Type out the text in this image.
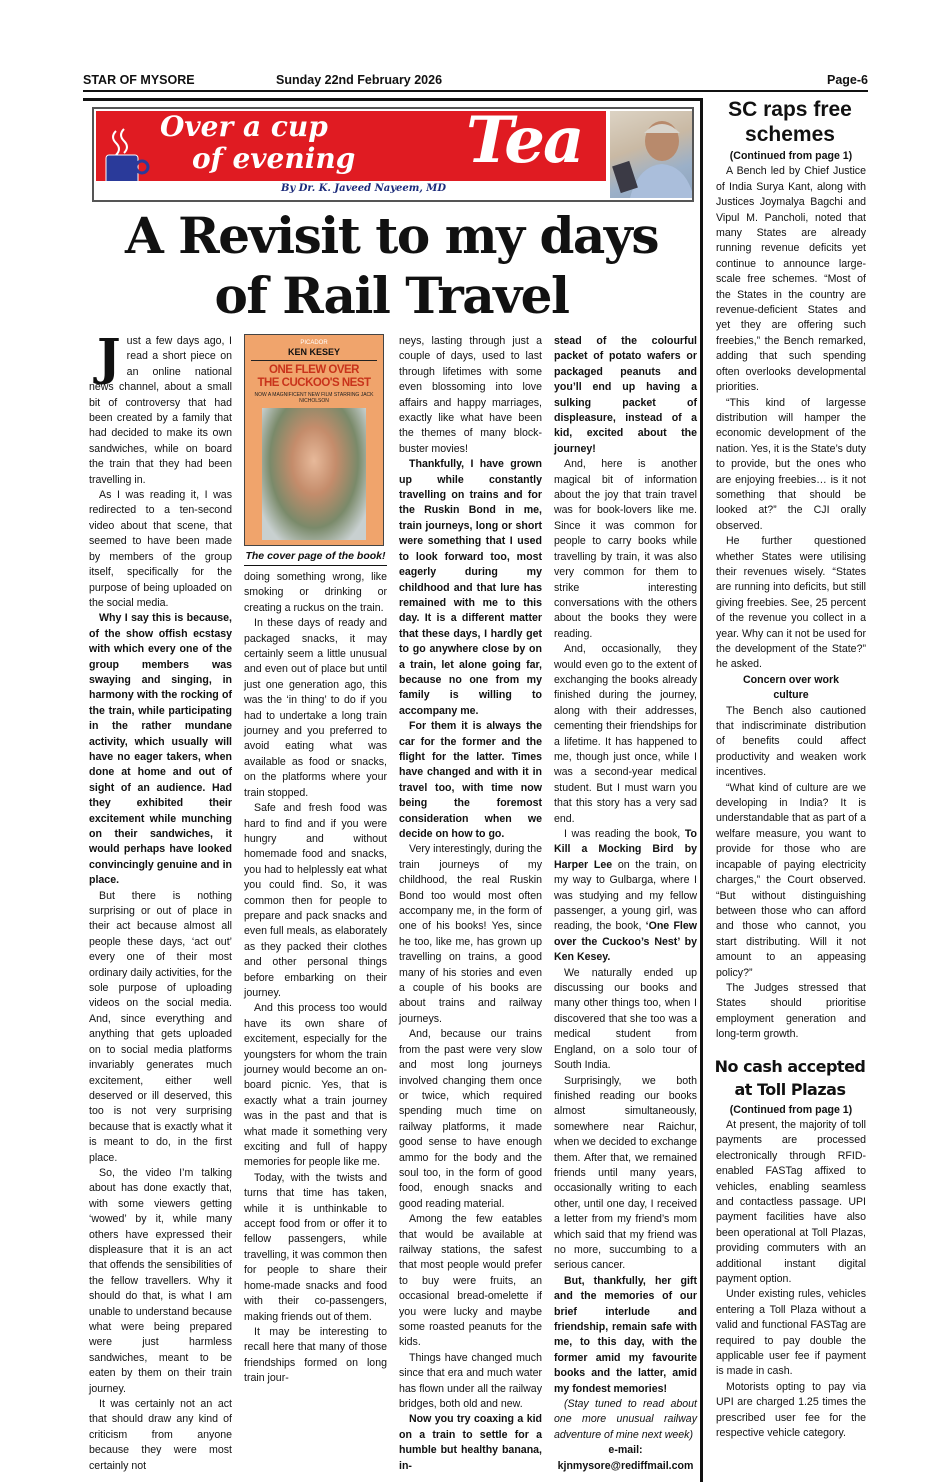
STAR OF MYSORE	Sunday 22nd February 2026	Page-6
Over a cup
of evening Tea
By Dr. K. Javeed Nayeem, MD
A Revisit to my days
of Rail Travel

Just a few days ago, I read a short piece on an online national news channel, about a small bit of controversy that had been created by a family that had decided to make its own sandwiches, while on board the train that they had been travelling in.

As I was reading it, I was redirected to a ten-second video about that scene, that seemed to have been made by members of the group itself, specifically for the purpose of being uploaded on the social media.

Why I say this is because, of the show offish ecstasy with which every one of the group members was swaying and singing, in harmony with the rocking of the train, while participating in the rather mundane activity, which usually will have no eager takers, when done at home and out of sight of an audience. Had they exhibited their excitement while munching on their sandwiches, it would perhaps have looked convincingly genuine and in place.

But there is nothing surprising or out of place in their act because almost all people these days, ‘act out’ every one of their most ordinary daily activities, for the sole purpose of uploading videos on the social media. And, since everything and anything that gets uploaded on to social media platforms invariably generates much excitement, either well deserved or ill deserved, this too is not very surprising because that is exactly what it is meant to do, in the first place.

So, the video I’m talking about has done exactly that, with some viewers getting ‘wowed’ by it, while many others have expressed their displeasure that it is an act that offends the sensibilities of the fellow travellers. Why it should do that, is what I am unable to understand because what were being prepared were just harmless sandwiches, meant to be eaten by them on their train journey.

It was certainly not an act that should draw any kind of criticism from anyone because they were most certainly not

PICADOR
KEN KESEY
ONE FLEW OVER
THE CUCKOO'S NEST
NOW A MAGNIFICENT NEW FILM STARRING JACK NICHOLSON
The cover page of the book!

doing something wrong, like smoking or drinking or creating a ruckus on the train.

In these days of ready and packaged snacks, it may certainly seem a little unusual and even out of place but until just one generation ago, this was the ‘in thing’ to do if you had to undertake a long train journey and you preferred to avoid eating what was available as food or snacks, on the platforms where your train stopped.

Safe and fresh food was hard to find and if you were hungry and without homemade food and snacks, you had to helplessly eat what you could find. So, it was common then for people to prepare and pack snacks and even full meals, as elaborately as they packed their clothes and other personal things before embarking on their journey.

And this process too would have its own share of excitement, especially for the youngsters for whom the train journey would become an on-board picnic. Yes, that is exactly what a train journey was in the past and that is what made it something very exciting and full of happy memories for people like me.

Today, with the twists and turns that time has taken, while it is unthinkable to accept food from or offer it to fellow passengers, while travelling, it was common then for people to share their home-made snacks and food with their co-passengers, making friends out of them.

It may be interesting to recall here that many of those friendships formed on long train jour-

neys, lasting through just a couple of days, used to last through lifetimes with some even blossoming into love affairs and happy marriages, exactly like what have been the themes of many block-buster movies!

Thankfully, I have grown up while constantly travelling on trains and for the Ruskin Bond in me, train journeys, long or short were something that I used to look forward too, most eagerly during my childhood and that lure has remained with me to this day. It is a different matter that these days, I hardly get to go anywhere close by on a train, let alone going far, because no one from my family is willing to accompany me.

For them it is always the car for the former and the flight for the latter. Times have changed and with it in travel too, with time now being the foremost consideration when we decide on how to go.

Very interestingly, during the train journeys of my childhood, the real Ruskin Bond too would most often accompany me, in the form of one of his books! Yes, since he too, like me, has grown up travelling on trains, a good many of his stories and even a couple of his books are about trains and railway journeys.

And, because our trains from the past were very slow and most long journeys involved changing them once or twice, which required spending much time on railway platforms, it made good sense to have enough ammo for the body and the soul too, in the form of good food, enough snacks and good reading material.

Among the few eatables that would be available at railway stations, the safest that most people would prefer to buy were fruits, an occasional bread-omelette if you were lucky and maybe some roasted peanuts for the kids.

Things have changed much since that era and much water has flown under all the railway bridges, both old and new.

Now you try coaxing a kid on a train to settle for a humble but healthy banana, in-

stead of the colourful packet of potato wafers or packaged peanuts and you’ll end up having a sulking packet of displeasure, instead of a kid, excited about the journey!

And, here is another magical bit of information about the joy that train travel was for book-lovers like me. Since it was common for people to carry books while travelling by train, it was also very common for them to strike interesting conversations with the others about the books they were reading.

And, occasionally, they would even go to the extent of exchanging the books already finished during the journey, along with their addresses, cementing their friendships for a lifetime. It has happened to me, though just once, while I was a second-year medical student. But I must warn you that this story has a very sad end.

I was reading the book, To Kill a Mocking Bird by Harper Lee on the train, on my way to Gulbarga, where I was studying and my fellow passenger, a young girl, was reading, the book, ‘One Flew over the Cuckoo’s Nest’ by Ken Kesey.

We naturally ended up discussing our books and many other things too, when I discovered that she too was a medical student from England, on a solo tour of South India.

Surprisingly, we both finished reading our books almost simultaneously, somewhere near Raichur, when we decided to exchange them. After that, we remained friends until many years, occasionally writing to each other, until one day, I received a letter from my friend’s mom which said that my friend was no more, succumbing to a serious cancer.

But, thankfully, her gift and the memories of our brief interlude and friendship, remain safe with me, to this day, with the former amid my favourite books and the latter, amid my fondest memories!

(Stay tuned to read about one more unusual railway adventure of mine next week)

e-mail:

kjnmysore@rediffmail.com

SC raps free schemes

(Continued from page 1)

A Bench led by Chief Justice of India Surya Kant, along with Justices Joymalya Bagchi and Vipul M. Pancholi, noted that many States are already running revenue deficits yet continue to announce large-scale free schemes. “Most of the States in the country are revenue-deficient States and yet they are offering such freebies,” the Bench remarked, adding that such spending often overlooks developmental priorities.

“This kind of largesse distribution will hamper the economic development of the nation. Yes, it is the State’s duty to provide, but the ones who are enjoying freebies… is it not something that should be looked at?” the CJI orally observed.

He further questioned whether States were utilising their revenues wisely. “States are running into deficits, but still giving freebies. See, 25 percent of the revenue you collect in a year. Why can it not be used for the development of the State?” he asked.

Concern over work culture

The Bench also cautioned that indiscriminate distribution of benefits could affect productivity and weaken work incentives.

“What kind of culture are we developing in India? It is understandable that as part of a welfare measure, you want to provide for those who are incapable of paying electricity charges,” the Court observed. “But without distinguishing between those who can afford and those who cannot, you start distributing. Will it not amount to an appeasing policy?”

The Judges stressed that States should prioritise employment generation and long-term growth.

No cash accepted at Toll Plazas

(Continued from page 1)

At present, the majority of toll payments are processed electronically through RFID-enabled FASTag affixed to vehicles, enabling seamless and contactless passage. UPI payment facilities have also been operational at Toll Plazas, providing commuters with an additional instant digital payment option.

Under existing rules, vehicles entering a Toll Plaza without a valid and functional FASTag are required to pay double the applicable user fee if payment is made in cash.

Motorists opting to pay via UPI are charged 1.25 times the prescribed user fee for the respective vehicle category.
